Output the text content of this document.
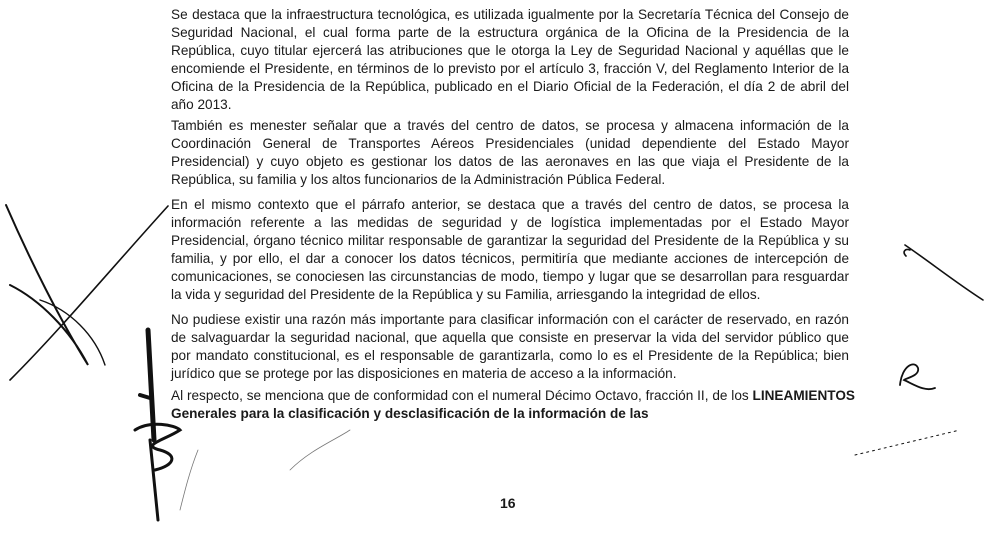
Se destaca que la infraestructura tecnológica, es utilizada igualmente por la Secretaría Técnica del Consejo de Seguridad Nacional, el cual forma parte de la estructura orgánica de la Oficina de la Presidencia de la República, cuyo titular ejercerá las atribuciones que le otorga la Ley de Seguridad Nacional y aquéllas que le encomiende el Presidente, en términos de lo previsto por el artículo 3, fracción V, del Reglamento Interior de la Oficina de la Presidencia de la República, publicado en el Diario Oficial de la Federación, el día 2 de abril del año 2013.

También es menester señalar que a través del centro de datos, se procesa y almacena información de la Coordinación General de Transportes Aéreos Presidenciales (unidad dependiente del Estado Mayor Presidencial) y cuyo objeto es gestionar los datos de las aeronaves en las que viaja el Presidente de la República, su familia y los altos funcionarios de la Administración Pública Federal.

En el mismo contexto que el párrafo anterior, se destaca que a través del centro de datos, se procesa la información referente a las medidas de seguridad y de logística implementadas por el Estado Mayor Presidencial, órgano técnico militar responsable de garantizar la seguridad del Presidente de la República y su familia, y por ello, el dar a conocer los datos técnicos, permitiría que mediante acciones de intercepción de comunicaciones, se conociesen las circunstancias de modo, tiempo y lugar que se desarrollan para resguardar la vida y seguridad del Presidente de la República y su Familia, arriesgando la integridad de ellos.

No pudiese existir una razón más importante para clasificar información con el carácter de reservado, en razón de salvaguardar la seguridad nacional, que aquella que consiste en preservar la vida del servidor público que por mandato constitucional, es el responsable de garantizarla, como lo es el Presidente de la República; bien jurídico que se protege por las disposiciones en materia de acceso a la información.

Al respecto, se menciona que de conformidad con el numeral Décimo Octavo, fracción II, de los LINEAMIENTOS Generales para la clasificación y desclasificación de la información de las

16
